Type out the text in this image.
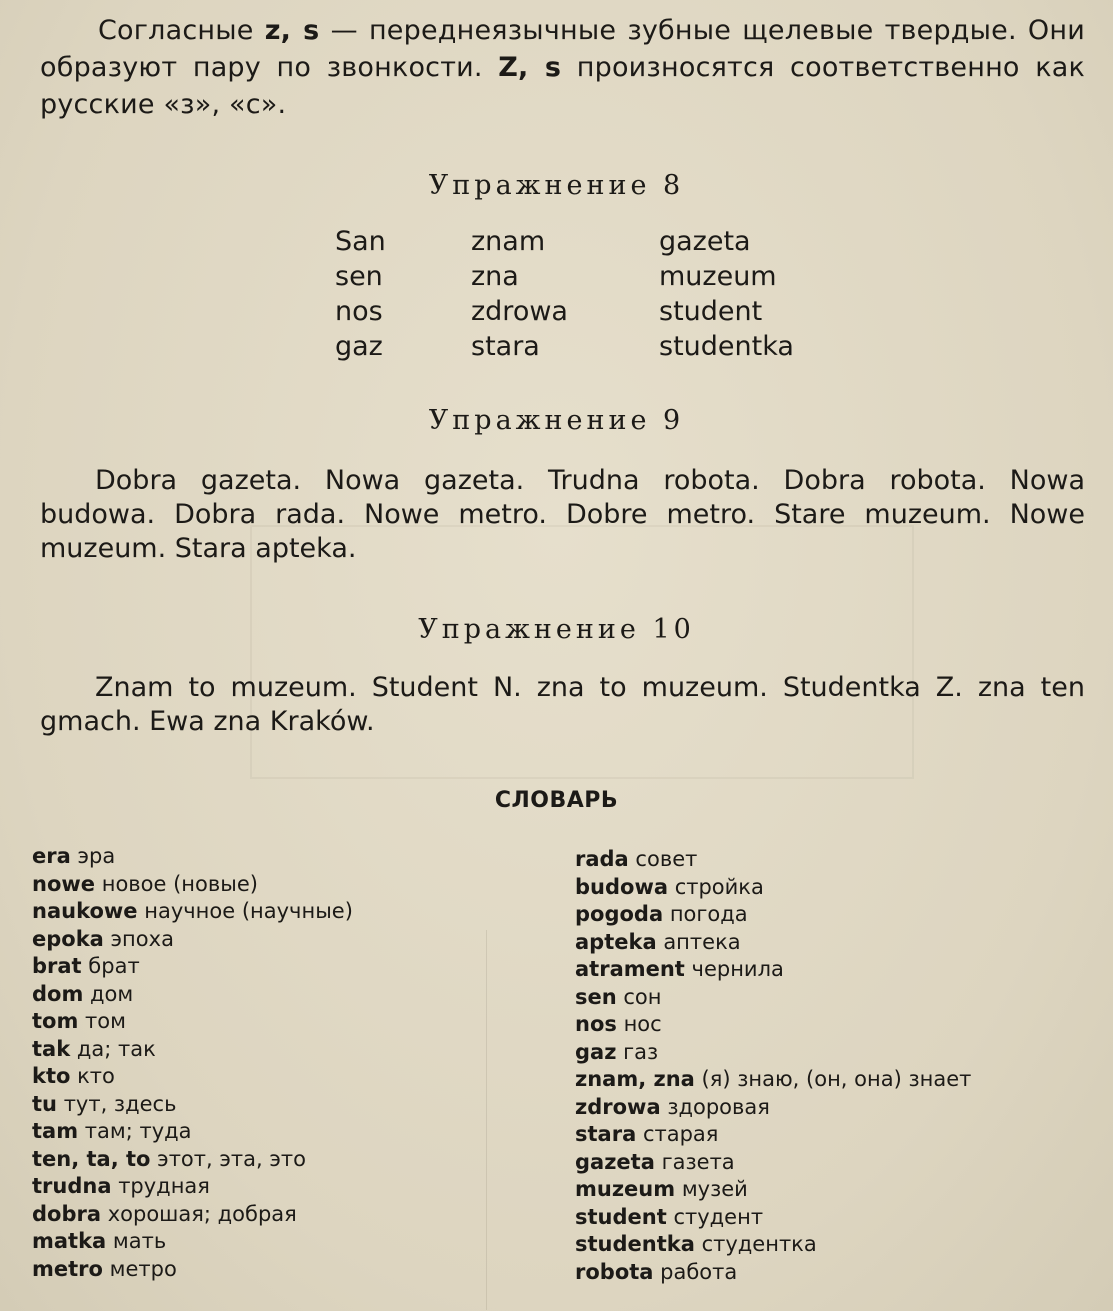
Согласные z, s — переднеязычные зубные щелевые твердые. Они образуют пару по звонкости. Z, s произносятся соответственно как русские «з», «с».

Упражнение 8
San	znam	gazeta
sen	zna	muzeum
nos	zdrowa	student
gaz	stara	studentka
Упражнение 9

Dobra gazeta. Nowa gazeta. Trudna robota. Dobra robota. Nowa budowa. Dobra rada. Nowe metro. Dobre metro. Stare muzeum. Nowe muzeum. Stara apteka.

Упражнение 10

Znam to muzeum. Student N. zna to muzeum. Studentka Z. zna ten gmach. Ewa zna Kraków.

СЛОВАРЬ
era эра
nowe новое (новые)
naukowe научное (научные)
epoka эпоха
brat брат
dom дом
tom том
tak да; так
kto кто
tu тут, здесь
tam там; туда
ten, ta, to этот, эта, это
trudna трудная
dobra хорошая; добрая
matka мать
metro метро
rada совет
budowa стройка
pogoda погода
apteka аптека
atrament чернила
sen сон
nos нос
gaz газ
znam, zna (я) знаю, (он, она) знает
zdrowa здоровая
stara старая
gazeta газета
muzeum музей
student студент
studentka студентка
robota работа
